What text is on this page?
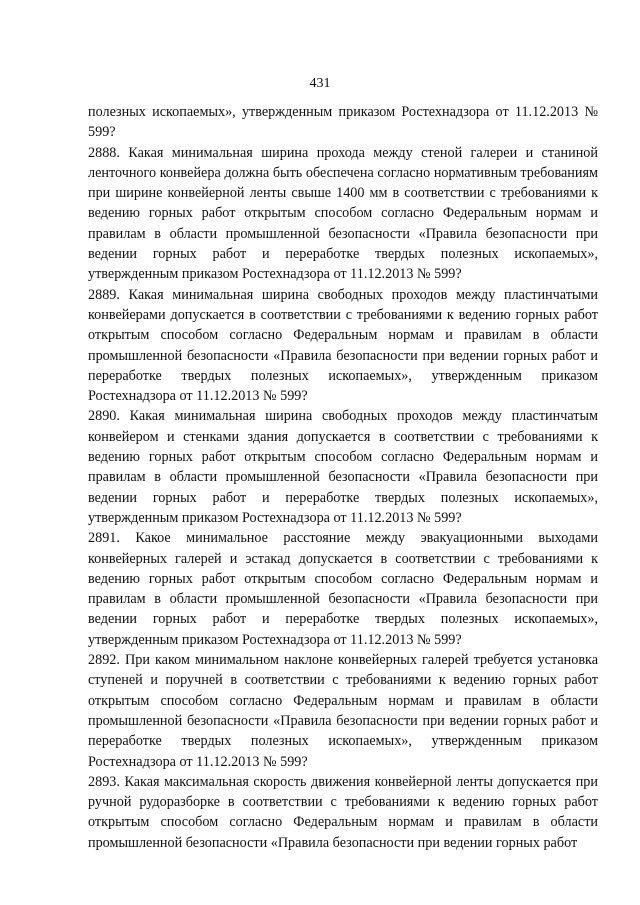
431

полезных ископаемых», утвержденным приказом Ростехнадзора от 11.12.2013 № 599?

2888. Какая минимальная ширина прохода между стеной галереи и станиной ленточного конвейера должна быть обеспечена согласно нормативным требованиям при ширине конвейерной ленты свыше 1400 мм в соответствии с требованиями к ведению горных работ открытым способом согласно Федеральным нормам и правилам в области промышленной безопасности «Правила безопасности при ведении горных работ и переработке твердых полезных ископаемых», утвержденным приказом Ростехнадзора от 11.12.2013 № 599?

2889. Какая минимальная ширина свободных проходов между пластинчатыми конвейерами допускается в соответствии с требованиями к ведению горных работ открытым способом согласно Федеральным нормам и правилам в области промышленной безопасности «Правила безопасности при ведении горных работ и переработке твердых полезных ископаемых», утвержденным приказом Ростехнадзора от 11.12.2013 № 599?

2890. Какая минимальная ширина свободных проходов между пластинчатым конвейером и стенками здания допускается в соответствии с требованиями к ведению горных работ открытым способом согласно Федеральным нормам и правилам в области промышленной безопасности «Правила безопасности при ведении горных работ и переработке твердых полезных ископаемых», утвержденным приказом Ростехнадзора от 11.12.2013 № 599?

2891. Какое минимальное расстояние между эвакуационными выходами конвейерных галерей и эстакад допускается в соответствии с требованиями к ведению горных работ открытым способом согласно Федеральным нормам и правилам в области промышленной безопасности «Правила безопасности при ведении горных работ и переработке твердых полезных ископаемых», утвержденным приказом Ростехнадзора от 11.12.2013 № 599?

2892. При каком минимальном наклоне конвейерных галерей требуется установка ступеней и поручней в соответствии с требованиями к ведению горных работ открытым способом согласно Федеральным нормам и правилам в области промышленной безопасности «Правила безопасности при ведении горных работ и переработке твердых полезных ископаемых», утвержденным приказом Ростехнадзора от 11.12.2013 № 599?

2893. Какая максимальная скорость движения конвейерной ленты допускается при ручной рудоразборке в соответствии с требованиями к ведению горных работ открытым способом согласно Федеральным нормам и правилам в области промышленной безопасности «Правила безопасности при ведении горных работ
